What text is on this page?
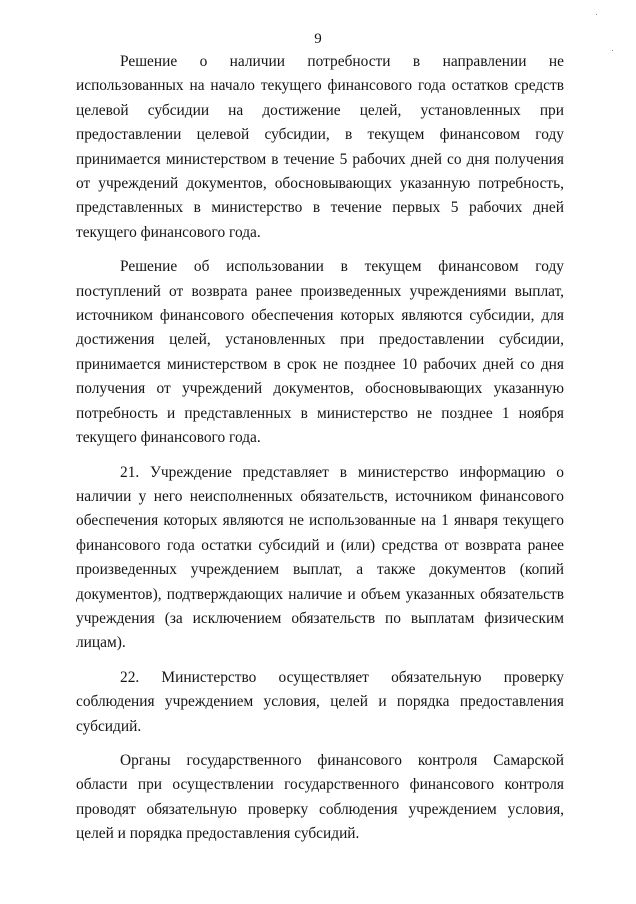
9

Решение о наличии потребности в направлении не использованных на начало текущего финансового года остатков средств целевой субсидии на достижение целей, установленных при предоставлении целевой субсидии, в текущем финансовом году принимается министерством в течение 5 рабочих дней со дня получения от учреждений документов, обосновывающих указанную потребность, представленных в министерство в течение первых 5 рабочих дней текущего финансового года.

Решение об использовании в текущем финансовом году поступлений от возврата ранее произведенных учреждениями выплат, источником финансового обеспечения которых являются субсидии, для достижения целей, установленных при предоставлении субсидии, принимается министерством в срок не позднее 10 рабочих дней со дня получения от учреждений документов, обосновывающих указанную потребность и представленных в министерство не позднее 1 ноября текущего финансового года.

21. Учреждение представляет в министерство информацию о наличии у него неисполненных обязательств, источником финансового обеспечения которых являются не использованные на 1 января текущего финансового года остатки субсидий и (или) средства от возврата ранее произведенных учреждением выплат, а также документов (копий документов), подтверждающих наличие и объем указанных обязательств учреждения (за исключением обязательств по выплатам физическим лицам).

22. Министерство осуществляет обязательную проверку соблюдения учреждением условия, целей и порядка предоставления субсидий.

Органы государственного финансового контроля Самарской области при осуществлении государственного финансового контроля проводят обязательную проверку соблюдения учреждением условия, целей и порядка предоставления субсидий.
